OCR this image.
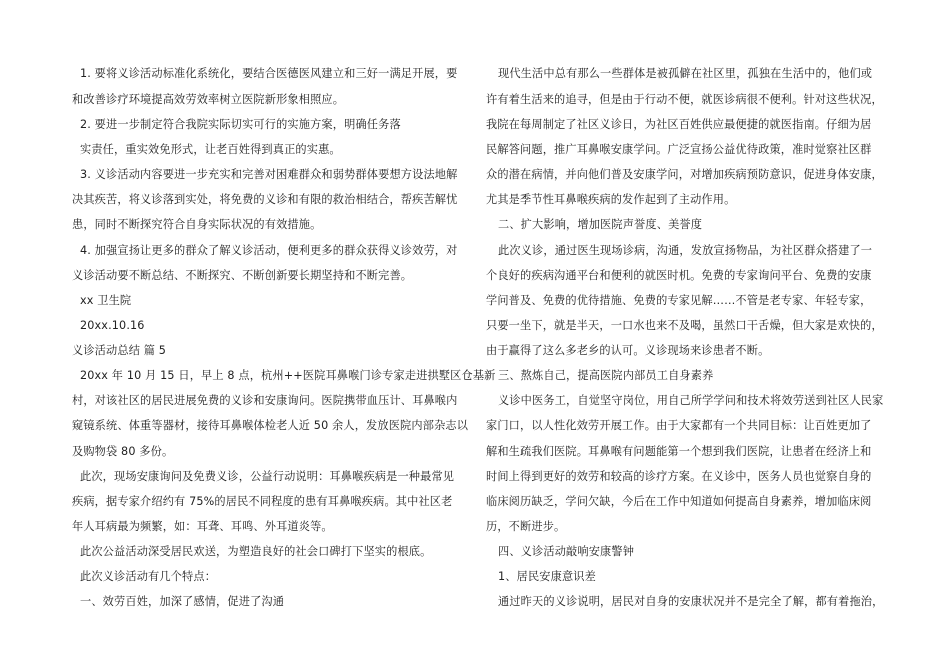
1. 要将义诊活动标准化系统化，要结合医德医风建立和三好一满足开展，要
和改善诊疗环境提高效劳效率树立医院新形象相照应。
2. 要进一步制定符合我院实际切实可行的实施方案，明确任务落
实责任，重实效免形式，让老百姓得到真正的实惠。
3. 义诊活动内容要进一步充实和完善对困难群众和弱势群体要想方设法地解
决其疾苦，将义诊落到实处，将免费的义诊和有限的救治相结合，帮疾苦解忧
患，同时不断探究符合自身实际状况的有效措施。
4. 加强宣扬让更多的群众了解义诊活动，便利更多的群众获得义诊效劳，对
义诊活动要不断总结、不断探究、不断创新要长期坚持和不断完善。
xx 卫生院
20xx.10.16
义诊活动总结 篇 5
20xx 年 10 月 15 日，早上 8 点，杭州++医院耳鼻喉门诊专家走进拱墅区仓基新
村，对该社区的居民进展免费的义诊和安康询问。医院携带血压计、耳鼻喉内
窥镜系统、体重等器材，接待耳鼻喉体检老人近 50 余人，发放医院内部杂志以
及购物袋 80 多份。
此次，现场安康询问及免费义诊，公益行动说明：耳鼻喉疾病是一种最常见
疾病，据专家介绍约有 75%的居民不同程度的患有耳鼻喉疾病。其中社区老
年人耳病最为频繁，如：耳聋、耳鸣、外耳道炎等。
此次公益活动深受居民欢送，为塑造良好的社会口碑打下坚实的根底。
此次义诊活动有几个特点：
一、效劳百姓，加深了感情，促进了沟通
现代生活中总有那么一些群体是被孤僻在社区里，孤独在生活中的，他们或
许有着生活来的追寻，但是由于行动不便，就医诊病很不便利。针对这些状况，
我院在每周制定了社区义诊日，为社区百姓供应最便捷的就医指南。仔细为居
民解答问题，推广耳鼻喉安康学问。广泛宣扬公益优待政策，准时觉察社区群
众的潜在病情，并向他们普及安康学问，对增加疾病预防意识，促进身体安康，
尤其是季节性耳鼻喉疾病的发作起到了主动作用。
二、扩大影响，增加医院声誉度、美誉度
此次义诊，通过医生现场诊病，沟通，发放宣扬物品，为社区群众搭建了一
个良好的疾病沟通平台和便利的就医时机。免费的专家询问平台、免费的安康
学问普及、免费的优待措施、免费的专家见解……不管是老专家、年轻专家，
只要一坐下，就是半天，一口水也来不及喝，虽然口干舌燥，但大家是欢快的，
由于赢得了这么多老乡的认可。义诊现场来诊患者不断。
三、熬炼自己，提高医院内部员工自身素养
义诊中医务工，自觉坚守岗位，用自己所学学问和技术将效劳送到社区人民家
家门口，以人性化效劳开展工作。由于大家都有一个共同目标：让百姓更加了
解和生疏我们医院。耳鼻喉有问题能第一个想到我们医院，让患者在经济上和
时间上得到更好的效劳和较高的诊疗方案。在义诊中，医务人员也觉察自身的
临床阅历缺乏，学问欠缺，今后在工作中知道如何提高自身素养，增加临床阅
历，不断进步。
四、义诊活动敲响安康警钟
1、居民安康意识差
通过昨天的义诊说明，居民对自身的安康状况并不是完全了解，都有着拖治，
